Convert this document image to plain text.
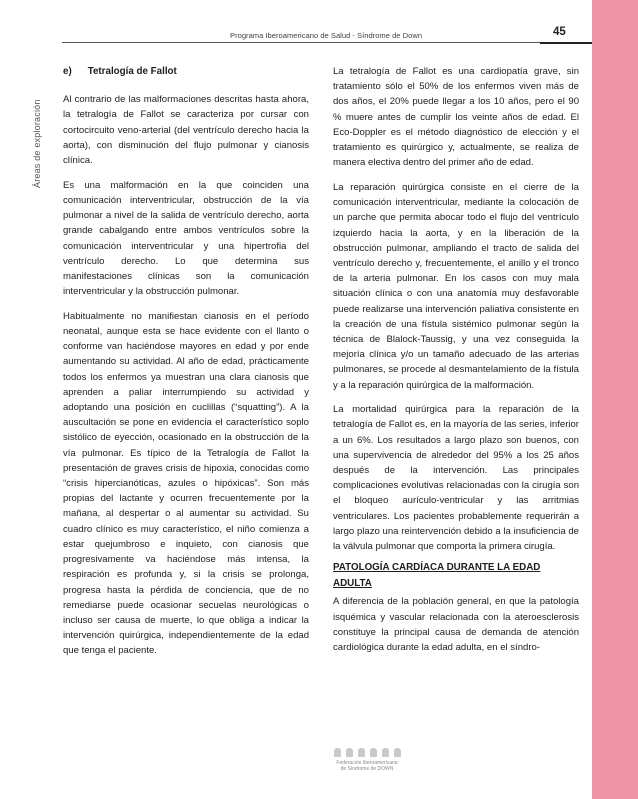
Programa Iberoamericano de Salud - Síndrome de Down	45
Áreas de exploración
e) Tetralogía de Fallot

Al contrario de las malformaciones descritas hasta ahora, la tetralogía de Fallot se caracteriza por cursar con cortocircuito veno-arterial (del ventrículo derecho hacia la aorta), con disminución del flujo pulmonar y cianosis clínica.

Es una malformación en la que coinciden una comunicación interventricular, obstrucción de la vía pulmonar a nivel de la salida de ventrículo derecho, aorta grande cabalgando entre ambos ventrículos sobre la comunicación interventricular y una hipertrofia del ventrículo derecho. Lo que determina sus manifestaciones clínicas son la comunicación interventricular y la obstrucción pulmonar.

Habitualmente no manifiestan cianosis en el período neonatal, aunque esta se hace evidente con el llanto o conforme van haciéndose mayores en edad y por ende aumentando su actividad. Al año de edad, prácticamente todos los enfermos ya muestran una clara cianosis que aprenden a paliar interrumpiendo su actividad y adoptando una posición en cuclillas (“squatting”). A la auscultación se pone en evidencia el característico soplo sistólico de eyección, ocasionado en la obstrucción de la vía pulmonar. Es típico de la Tetralogía de Fallot la presentación de graves crisis de hipoxia, conocidas como “crisis hipercianóticas, azules o hipóxicas”. Son más propias del lactante y ocurren frecuentemente por la mañana, al despertar o al aumentar su actividad. Su cuadro clínico es muy característico, el niño comienza a estar quejumbroso e inquieto, con cianosis que progresivamente va haciéndose más intensa, la respiración es profunda y, si la crisis se prolonga, progresa hasta la pérdida de conciencia, que de no remediarse puede ocasionar secuelas neurológicas o incluso ser causa de muerte, lo que obliga a indicar la intervención quirúrgica, independientemente de la edad que tenga el paciente.

La tetralogía de Fallot es una cardiopatía grave, sin tratamiento sólo el 50% de los enfermos viven más de dos años, el 20% puede llegar a los 10 años, pero el 90 % muere antes de cumplir los veinte años de edad. El Eco-Doppler es el método diagnóstico de elección y el tratamiento es quirúrgico y, actualmente, se realiza de manera electiva dentro del primer año de edad.

La reparación quirúrgica consiste en el cierre de la comunicación interventricular, mediante la colocación de un parche que permita abocar todo el flujo del ventrículo izquierdo hacia la aorta, y en la liberación de la obstrucción pulmonar, ampliando el tracto de salida del ventrículo derecho y, frecuentemente, el anillo y el tronco de la arteria pulmonar. En los casos con muy mala situación clínica o con una anatomía muy desfavorable puede realizarse una intervención paliativa consistente en la creación de una fístula sistémico pulmonar según la técnica de Blalock-Taussig, y una vez conseguida la mejoría clínica y/o un tamaño adecuado de las arterias pulmonares, se procede al desmantelamiento de la fístula y a la reparación quirúrgica de la malformación.

La mortalidad quirúrgica para la reparación de la tetralogía de Fallot es, en la mayoría de las series, inferior a un 6%. Los resultados a largo plazo son buenos, con una supervivencia de alrededor del 95% a los 25 años después de la intervención. Las principales complicaciones evolutivas relacionadas con la cirugía son el bloqueo aurículo-ventricular y las arritmias ventriculares. Los pacientes probablemente requerirán a largo plazo una reintervención debido a la insuficiencia de la válvula pulmonar que comporta la primera cirugía.

PATOLOGÍA CARDÍACA DURANTE LA EDAD ADULTA

A diferencia de la población general, en que la patología isquémica y vascular relacionada con la ateroesclerosis constituye la principal causa de demanda de atención cardiológica durante la edad adulta, en el síndro-

Federación Iberoamericana
de Síndrome de DOWN
